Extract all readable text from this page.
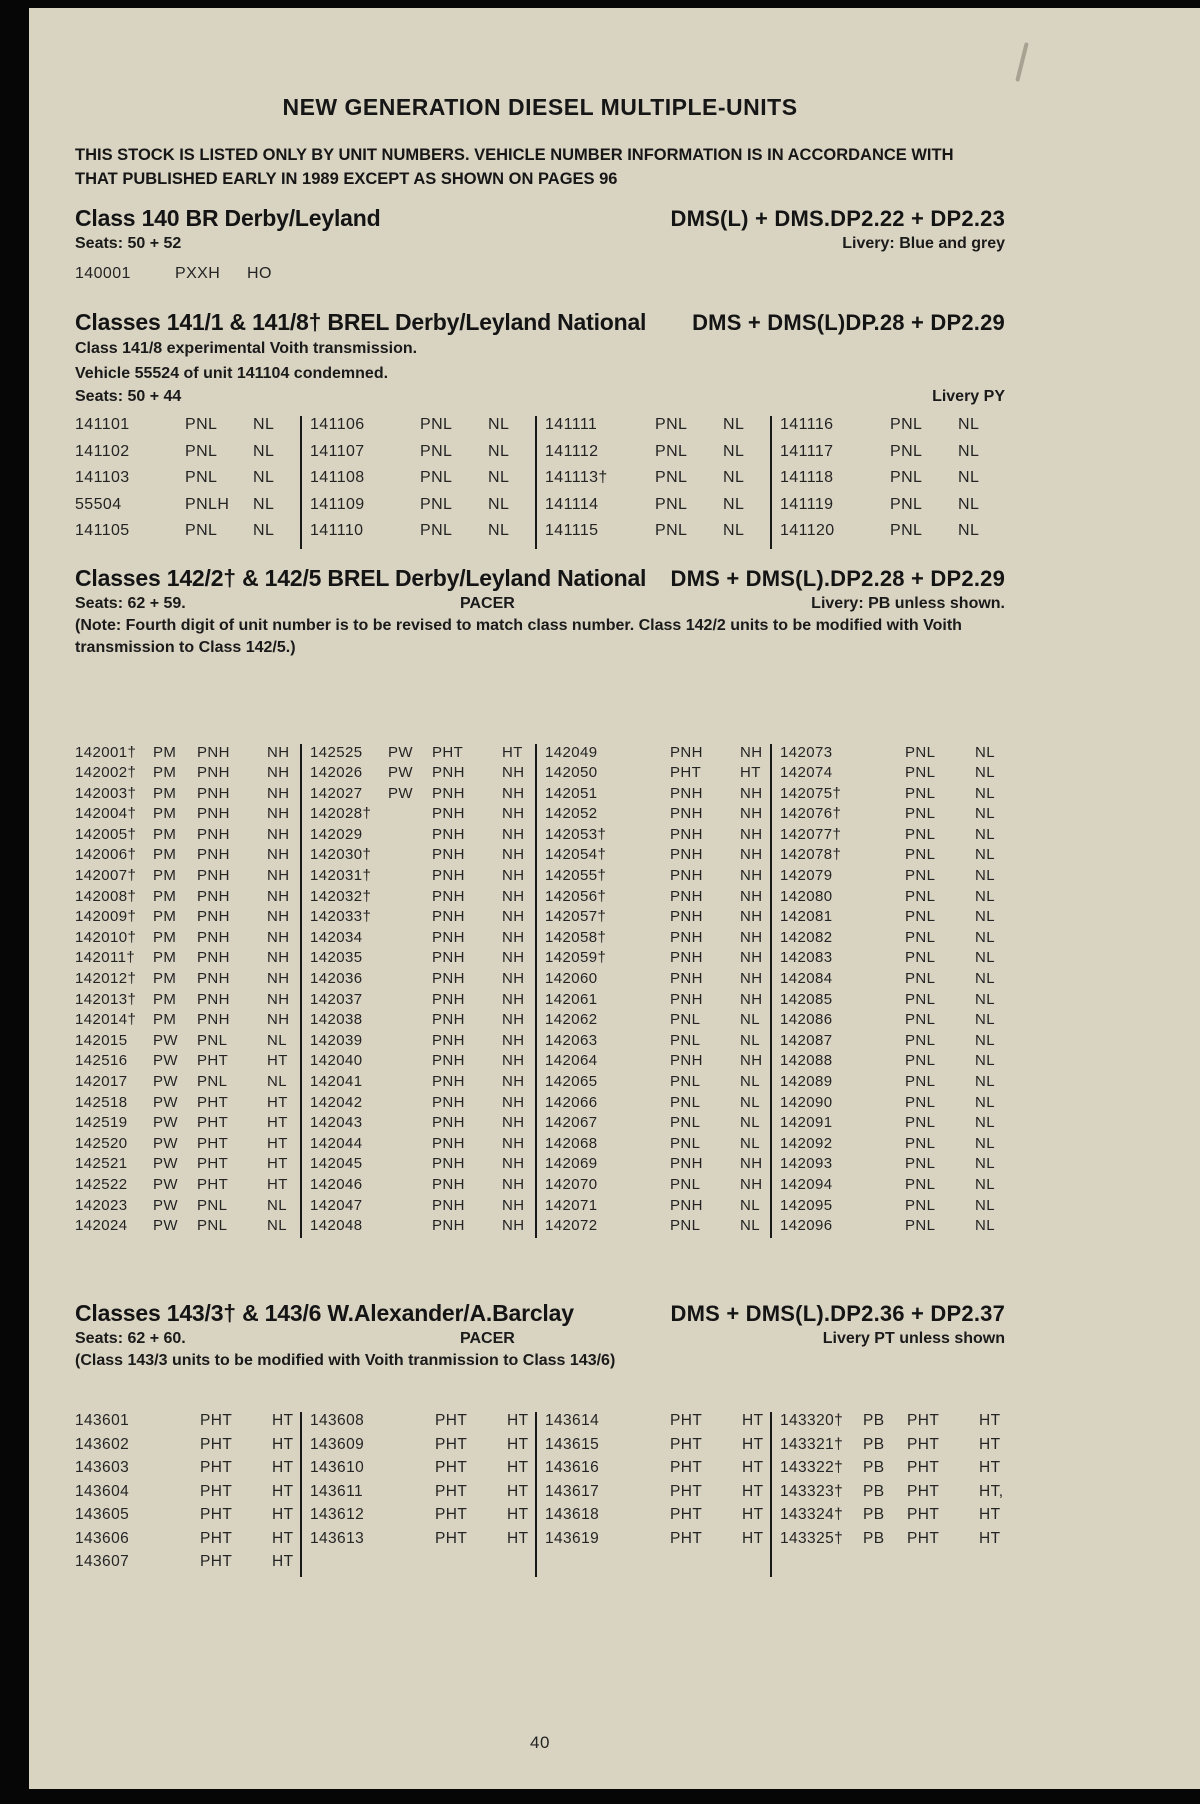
NEW GENERATION DIESEL MULTIPLE-UNITS

THIS STOCK IS LISTED ONLY BY UNIT NUMBERS. VEHICLE NUMBER INFORMATION IS IN ACCORDANCE WITH
THAT PUBLISHED EARLY IN 1989 EXCEPT AS SHOWN ON PAGES 96

Class 140 BR Derby/Leyland	DMS(L) + DMS.DP2.22 + DP2.23
Seats: 50 + 52	Livery: Blue and grey
140001	PXXH	HO
Classes 141/1 & 141/8† BREL Derby/Leyland National DMS + DMS(L)DP.28 + DP2.29
Class 141/8 experimental Voith transmission.
Vehicle 55524 of unit 141104 condemned.
Seats: 50 + 44	Livery PY
141101	PNL	NL
141102	PNL	NL
141103	PNL	NL
55504	PNLH	NL
141105	PNL	NL
141106	PNL	NL
141107	PNL	NL
141108	PNL	NL
141109	PNL	NL
141110	PNL	NL
141111	PNL	NL
141112	PNL	NL
141113†	PNL	NL
141114	PNL	NL
141115	PNL	NL
141116	PNL	NL
141117	PNL	NL
141118	PNL	NL
141119	PNL	NL
141120	PNL	NL
Classes 142/2† & 142/5 BREL Derby/Leyland National DMS + DMS(L).DP2.28 + DP2.29
Seats: 62 + 59.	PACER	Livery: PB unless shown.
(Note: Fourth digit of unit number is to be revised to match class number. Class 142/2 units to be modified with Voith transmission to Class 142/5.)
142001†	PM	PNH	NH
142002†	PM	PNH	NH
142003†	PM	PNH	NH
142004†	PM	PNH	NH
142005†	PM	PNH	NH
142006†	PM	PNH	NH
142007†	PM	PNH	NH
142008†	PM	PNH	NH
142009†	PM	PNH	NH
142010†	PM	PNH	NH
142011†	PM	PNH	NH
142012†	PM	PNH	NH
142013†	PM	PNH	NH
142014†	PM	PNH	NH
142015	PW	PNL	NL
142516	PW	PHT	HT
142017	PW	PNL	NL
142518	PW	PHT	HT
142519	PW	PHT	HT
142520	PW	PHT	HT
142521	PW	PHT	HT
142522	PW	PHT	HT
142023	PW	PNL	NL
142024	PW	PNL	NL
142525	PW	PHT	HT
142026	PW	PNH	NH
142027	PW	PNH	NH
142028†	PNH	NH
142029	PNH	NH
142030†	PNH	NH
142031†	PNH	NH
142032†	PNH	NH
142033†	PNH	NH
142034	PNH	NH
142035	PNH	NH
142036	PNH	NH
142037	PNH	NH
142038	PNH	NH
142039	PNH	NH
142040	PNH	NH
142041	PNH	NH
142042	PNH	NH
142043	PNH	NH
142044	PNH	NH
142045	PNH	NH
142046	PNH	NH
142047	PNH	NH
142048	PNH	NH
142049	PNH	NH
142050	PHT	HT
142051	PNH	NH
142052	PNH	NH
142053†	PNH	NH
142054†	PNH	NH
142055†	PNH	NH
142056†	PNH	NH
142057†	PNH	NH
142058†	PNH	NH
142059†	PNH	NH
142060	PNH	NH
142061	PNH	NH
142062	PNL	NL
142063	PNL	NL
142064	PNH	NH
142065	PNL	NL
142066	PNL	NL
142067	PNL	NL
142068	PNL	NL
142069	PNH	NH
142070	PNL	NH
142071	PNH	NL
142072	PNL	NL
142073	PNL	NL
142074	PNL	NL
142075†	PNL	NL
142076†	PNL	NL
142077†	PNL	NL
142078†	PNL	NL
142079	PNL	NL
142080	PNL	NL
142081	PNL	NL
142082	PNL	NL
142083	PNL	NL
142084	PNL	NL
142085	PNL	NL
142086	PNL	NL
142087	PNL	NL
142088	PNL	NL
142089	PNL	NL
142090	PNL	NL
142091	PNL	NL
142092	PNL	NL
142093	PNL	NL
142094	PNL	NL
142095	PNL	NL
142096	PNL	NL
Classes 143/3† & 143/6 W.Alexander/A.Barclay	DMS + DMS(L).DP2.36 + DP2.37
Seats: 62 + 60.	PACER	Livery PT unless shown
(Class 143/3 units to be modified with Voith tranmission to Class 143/6)
143601	PHT	HT
143602	PHT	HT
143603	PHT	HT
143604	PHT	HT
143605	PHT	HT
143606	PHT	HT
143607	PHT	HT
143608	PHT	HT
143609	PHT	HT
143610	PHT	HT
143611	PHT	HT
143612	PHT	HT
143613	PHT	HT
143614	PHT	HT
143615	PHT	HT
143616	PHT	HT
143617	PHT	HT
143618	PHT	HT
143619	PHT	HT
143320†	PB	PHT	HT
143321†	PB	PHT	HT
143322†	PB	PHT	HT
143323†	PB	PHT	HT,
143324†	PB	PHT	HT
143325†	PB	PHT	HT
40
